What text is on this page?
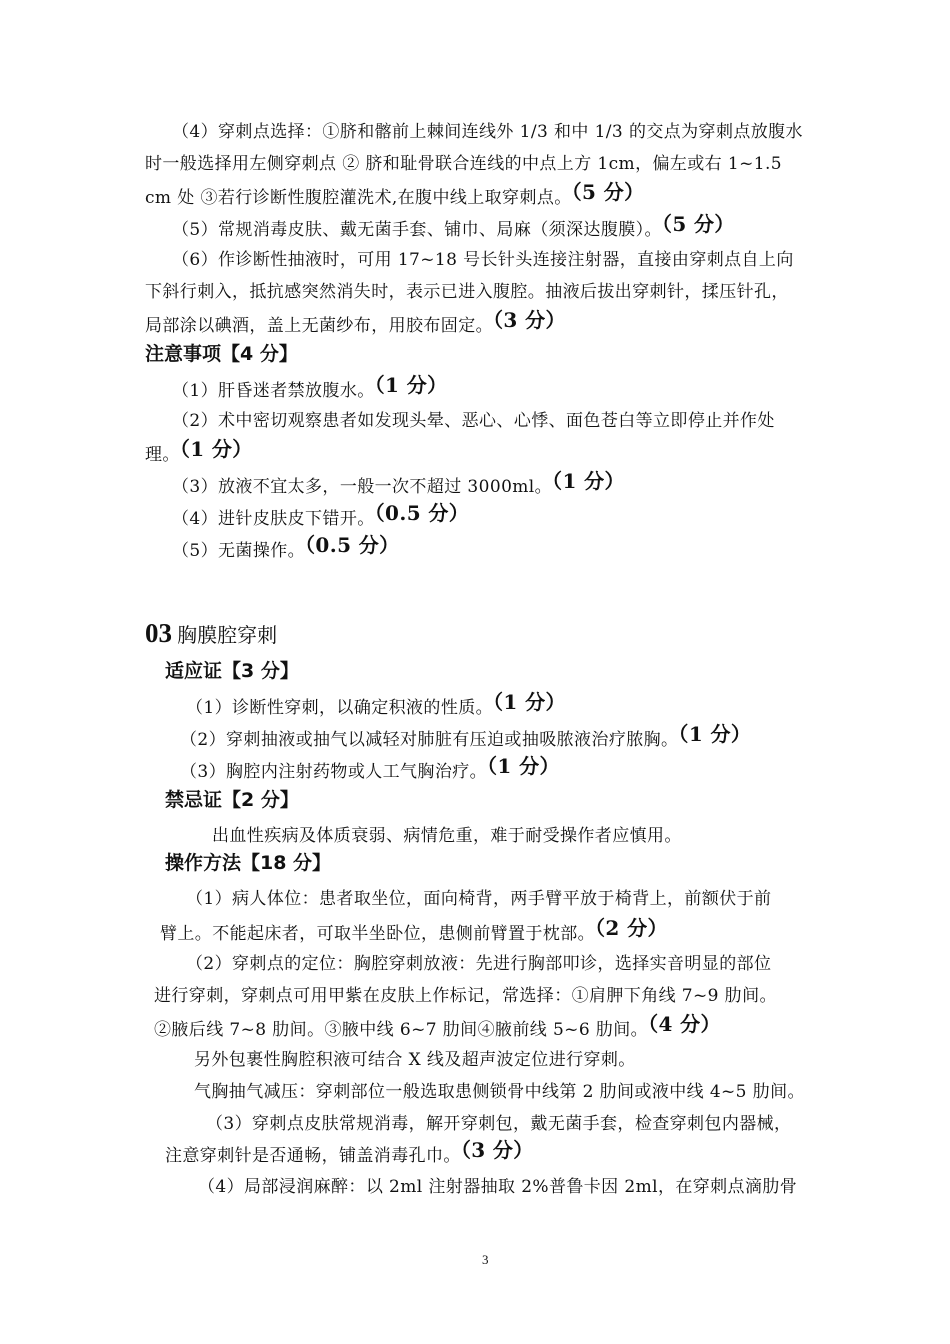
（4）穿刺点选择：①脐和髂前上棘间连线外 1/3 和中 1/3 的交点为穿刺点放腹水
时一般选择用左侧穿刺点 ② 脐和耻骨联合连线的中点上方 1cm，偏左或右 1~1.5
cm 处 ③若行诊断性腹腔灌洗术,在腹中线上取穿刺点。（5 分）
（5）常规消毒皮肤、戴无菌手套、铺巾、局麻（须深达腹膜）。（5 分）
（6）作诊断性抽液时，可用 17~18 号长针头连接注射器，直接由穿刺点自上向
下斜行刺入，抵抗感突然消失时，表示已进入腹腔。抽液后拔出穿刺针，揉压针孔，
局部涂以碘酒，盖上无菌纱布，用胶布固定。（3 分）
注意事项【4 分】
（1）肝昏迷者禁放腹水。（1 分）
（2）术中密切观察患者如发现头晕、恶心、心悸、面色苍白等立即停止并作处
理。（1 分）
（3）放液不宜太多，一般一次不超过 3000ml。（1 分）
（4）进针皮肤皮下错开。（0.5 分）
（5）无菌操作。（0.5 分）
03 胸膜腔穿刺
适应证【3 分】
（1）诊断性穿刺，以确定积液的性质。（1 分）
（2）穿刺抽液或抽气以减轻对肺脏有压迫或抽吸脓液治疗脓胸。（1 分）
（3）胸腔内注射药物或人工气胸治疗。（1 分）
禁忌证【2 分】
出血性疾病及体质衰弱、病情危重，难于耐受操作者应慎用。
操作方法【18 分】
（1）病人体位：患者取坐位，面向椅背，两手臂平放于椅背上，前额伏于前
臂上。不能起床者，可取半坐卧位，患侧前臂置于枕部。（2 分）
（2）穿刺点的定位：胸腔穿刺放液：先进行胸部叩诊，选择实音明显的部位
进行穿刺，穿刺点可用甲紫在皮肤上作标记，常选择：①肩胛下角线 7~9 肋间。
②腋后线 7~8 肋间。③腋中线 6~7 肋间④腋前线 5~6 肋间。（4 分）
另外包裹性胸腔积液可结合 X 线及超声波定位进行穿刺。
气胸抽气减压：穿刺部位一般选取患侧锁骨中线第 2 肋间或液中线 4~5 肋间。
（3）穿刺点皮肤常规消毒，解开穿刺包，戴无菌手套，检查穿刺包内器械，
注意穿刺针是否通畅，铺盖消毒孔巾。（3 分）
（4）局部浸润麻醉：以 2ml 注射器抽取 2%普鲁卡因 2ml，在穿刺点滴肋骨
3
